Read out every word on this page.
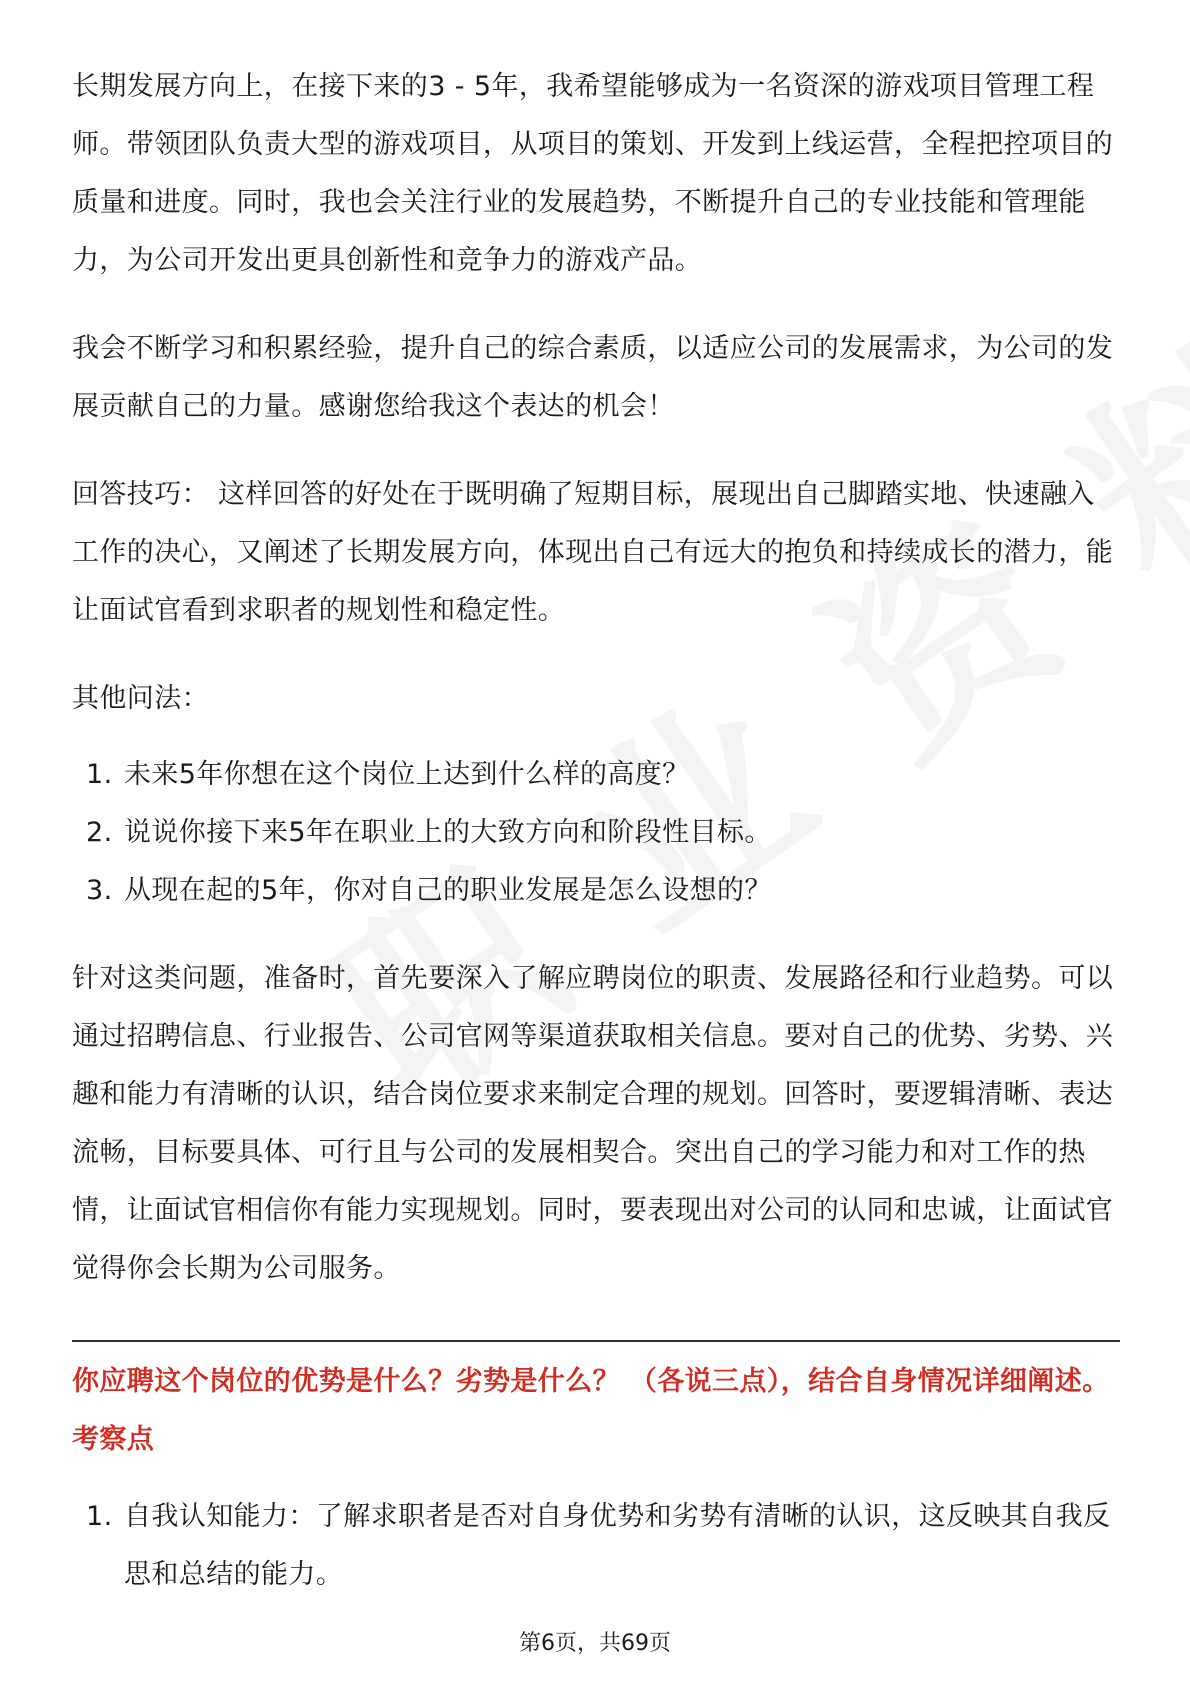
长期发展方向上，在接下来的3 - 5年，我希望能够成为一名资深的游戏项目管理工程师。带领团队负责大型的游戏项目，从项目的策划、开发到上线运营，全程把控项目的质量和进度。同时，我也会关注行业的发展趋势，不断提升自己的专业技能和管理能力，为公司开发出更具创新性和竞争力的游戏产品。

我会不断学习和积累经验，提升自己的综合素质，以适应公司的发展需求，为公司的发展贡献自己的力量。感谢您给我这个表达的机会！

回答技巧： 这样回答的好处在于既明确了短期目标，展现出自己脚踏实地、快速融入工作的决心，又阐述了长期发展方向，体现出自己有远大的抱负和持续成长的潜力，能让面试官看到求职者的规划性和稳定性。

其他问法：

1. 未来5年你想在这个岗位上达到什么样的高度？
2. 说说你接下来5年在职业上的大致方向和阶段性目标。
3. 从现在起的5年，你对自己的职业发展是怎么设想的？

针对这类问题，准备时，首先要深入了解应聘岗位的职责、发展路径和行业趋势。可以通过招聘信息、行业报告、公司官网等渠道获取相关信息。要对自己的优势、劣势、兴趣和能力有清晰的认识，结合岗位要求来制定合理的规划。回答时，要逻辑清晰、表达流畅，目标要具体、可行且与公司的发展相契合。突出自己的学习能力和对工作的热情，让面试官相信你有能力实现规划。同时，要表现出对公司的认同和忠诚，让面试官觉得你会长期为公司服务。

你应聘这个岗位的优势是什么？劣势是什么？ （各说三点），结合自身情况详细阐述。

考察点

1. 自我认知能力：了解求职者是否对自身优势和劣势有清晰的认识，这反映其自我反思和总结的能力。
第6页，共69页
